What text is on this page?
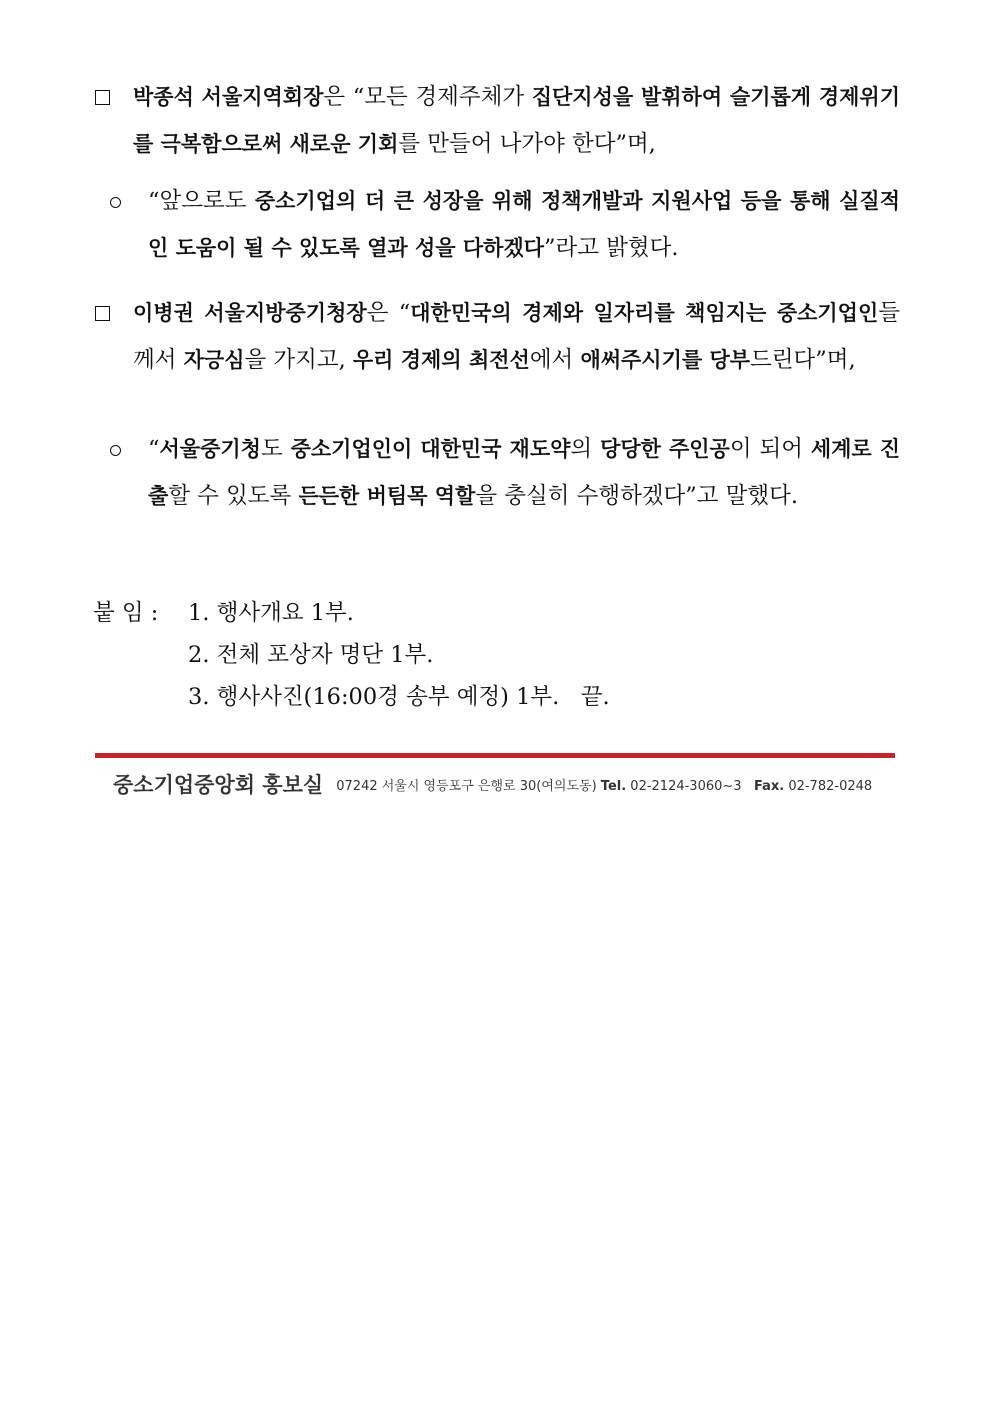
박종석 서울지역회장은 “모든 경제주체가 집단지성을 발휘하여 슬기롭게 경제위기를 극복함으로써 새로운 기회를 만들어 나가야 한다”며,
“앞으로도 중소기업의 더 큰 성장을 위해 정책개발과 지원사업 등을 통해 실질적인 도움이 될 수 있도록 열과 성을 다하겠다”라고 밝혔다.
이병권 서울지방중기청장은 “대한민국의 경제와 일자리를 책임지는 중소기업인들께서 자긍심을 가지고, 우리 경제의 최전선에서 애써주시기를 당부드린다”며,
“서울중기청도 중소기업인이 대한민국 재도약의 당당한 주인공이 되어 세계로 진출할 수 있도록 든든한 버팀목 역할을 충실히 수행하겠다”고 말했다.
붙 임 :	1. 행사개요 1부.
2. 전체 포상자 명단 1부.
3. 행사사진(16:00경 송부 예정) 1부.   끝.
중소기업중앙회 홍보실 07242 서울시 영등포구 은행로 30(여의도동) Tel. 02-2124-3060~3 Fax. 02-782-0248
